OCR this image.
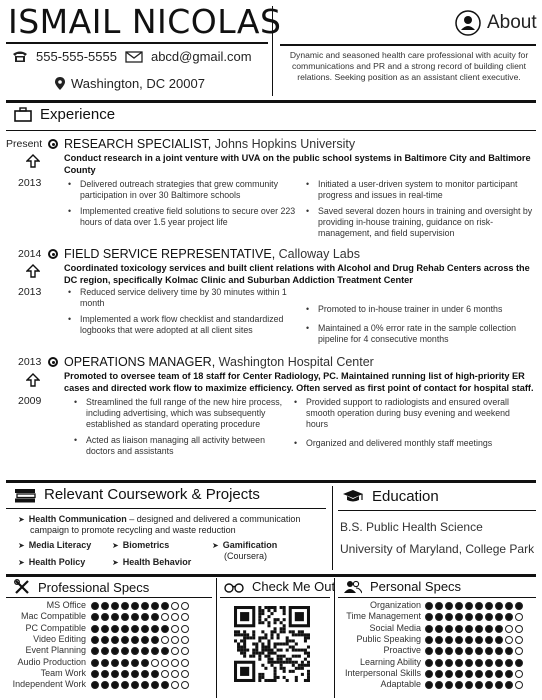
ISMAIL NICOLAS
555-555-5555	abcd@gmail.com
Washington, DC 20007
About
Dynamic and seasoned health care professional with acuity for communications and PR and a strong record of building client relations. Seeking position as an assistant client executive.
Experience
Present
2013
RESEARCH SPECIALIST, Johns Hopkins University
Conduct research in a joint venture with UVA on the public school systems in Baltimore City and Baltimore County
• Delivered outreach strategies that grew community participation in over 30 Baltimore schools
• Implemented creative field solutions to secure over 223 hours of data over 1.5 year project life
• Initiated a user-driven system to monitor participant progress and issues in real-time
• Saved several dozen hours in training and oversight by providing in-house training, guidance on risk-management, and field supervision
2014
2013
FIELD SERVICE REPRESENTATIVE, Calloway Labs
Coordinated toxicology services and built client relations with Alcohol and Drug Rehab Centers across the DC region, specifically Kolmac Clinic and Suburban Addiction Treatment Center
• Reduced service delivery time by 30 minutes within 1 month
• Implemented a work flow checklist and standardized logbooks that were adopted at all client sites
• Promoted to in-house trainer in under 6 months
• Maintained a 0% error rate in the sample collection pipeline for 4 consecutive months
2013
2009
OPERATIONS MANAGER, Washington Hospital Center
Promoted to oversee team of 18 staff for Center Radiology, PC. Maintained running list of high-priority ER cases and directed work flow to maximize efficiency. Often served as first point of contact for hospital staff.
• Streamlined the full range of the new hire process, including advertising, which was subsequently established as standard operating procedure
• Acted as liaison managing all activity between doctors and assistants
• Provided support to radiologists and ensured overall smooth operation during busy evening and weekend hours
• Organized and delivered monthly staff meetings
Relevant Coursework & Projects
➤ Health Communication – designed and delivered a communication
campaign to promote recycling and waste reduction
➤ Media Literacy	➤ Biometrics	➤ Gamification
(Coursera)
➤ Health Policy	➤ Health Behavior
Education
B.S. Public Health Science
University of Maryland, College Park
Professional Specs
MS Office
Mac Compatible
PC Compatible
Video Editing
Event Planning
Audio Production
Team Work
Independent Work
Check Me Out	Personal Specs
Organization
Time Management
Social Media
Public Speaking
Proactive
Learning Ability
Interpersonal Skills
Adaptable
